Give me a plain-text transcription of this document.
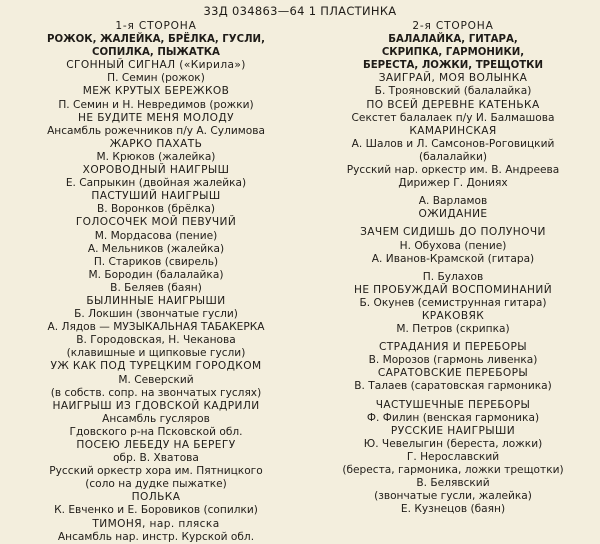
33Д 034863—64 1 ПЛАСТИНКА
1-я СТОРОНА
РОЖОК, ЖАЛЕЙКА, БРЁЛКА, ГУСЛИ,
СОПИЛКА, ПЫЖАТКА
СГОННЫЙ СИГНАЛ («Кирила»)
П. Семин (рожок)
МЕЖ КРУТЫХ БЕРЕЖКОВ
П. Семин и Н. Невредимов (рожки)
НЕ БУДИТЕ МЕНЯ МОЛОДУ
Ансамбль рожечников п/у А. Сулимова
ЖАРКО ПАХАТЬ
М. Крюков (жалейка)
ХОРОВОДНЫЙ НАИГРЫШ
Е. Сапрыкин (двойная жалейка)
ПАСТУШИЙ НАИГРЫШ
В. Воронков (брёлка)
ГОЛОСОЧЕК МОЙ ПЕВУЧИЙ
М. Мордасова (пение)
А. Мельников (жалейка)
П. Стариков (свирель)
М. Бородин (балалайка)
В. Беляев (баян)
БЫЛИННЫЕ НАИГРЫШИ
Б. Локшин (звончатые гусли)
А. Лядов — МУЗЫКАЛЬНАЯ ТАБАКЕРКА
В. Городовская, Н. Чеканова
(клавишные и щипковые гусли)
УЖ КАК ПОД ТУРЕЦКИМ ГОРОДКОМ
М. Северский
(в собств. сопр. на звончатых гуслях)
НАИГРЫШ ИЗ ГДОВСКОЙ КАДРИЛИ
Ансамбль гусляров
Гдовского р-на Псковской обл.
ПОСЕЮ ЛЕБЕДУ НА БЕРЕГУ
обр. В. Хватова
Русский оркестр хора им. Пятницкого
(соло на дудке пыжатке)
ПОЛЬКА
К. Евченко и Е. Боровиков (сопилки)
ТИМОНЯ, нар. пляска
Ансамбль нар. инстр. Курской обл.
2-я СТОРОНА
БАЛАЛАЙКА, ГИТАРА,
СКРИПКА, ГАРМОНИКИ,
БЕРЕСТА, ЛОЖКИ, ТРЕЩОТКИ
ЗАИГРАЙ, МОЯ ВОЛЫНКА
Б. Трояновский (балалайка)
ПО ВСЕЙ ДЕРЕВНЕ КАТЕНЬКА
Секстет балалаек п/у И. Балмашова
КАМАРИНСКАЯ
А. Шалов и Л. Самсонов-Роговицкий
(балалайки)
Русский нар. оркестр им. В. Андреева
Дирижер Г. Дониях
А. Варламов
ОЖИДАНИЕ
ЗАЧЕМ СИДИШЬ ДО ПОЛУНОЧИ
Н. Обухова (пение)
А. Иванов-Крамской (гитара)
П. Булахов
НЕ ПРОБУЖДАЙ ВОСПОМИНАНИЙ
Б. Окунев (семиструнная гитара)
КРАКОВЯК
М. Петров (скрипка)
СТРАДАНИЯ И ПЕРЕБОРЫ
В. Морозов (гармонь ливенка)
САРАТОВСКИЕ ПЕРЕБОРЫ
В. Талаев (саратовская гармоника)
ЧАСТУШЕЧНЫЕ ПЕРЕБОРЫ
Ф. Филин (венская гармоника)
РУССКИЕ НАИГРЫШИ
Ю. Чевелыгин (береста, ложки)
Г. Нерославский
(береста, гармоника, ложки трещотки)
В. Белявский
(звончатые гусли, жалейка)
Е. Кузнецов (баян)
